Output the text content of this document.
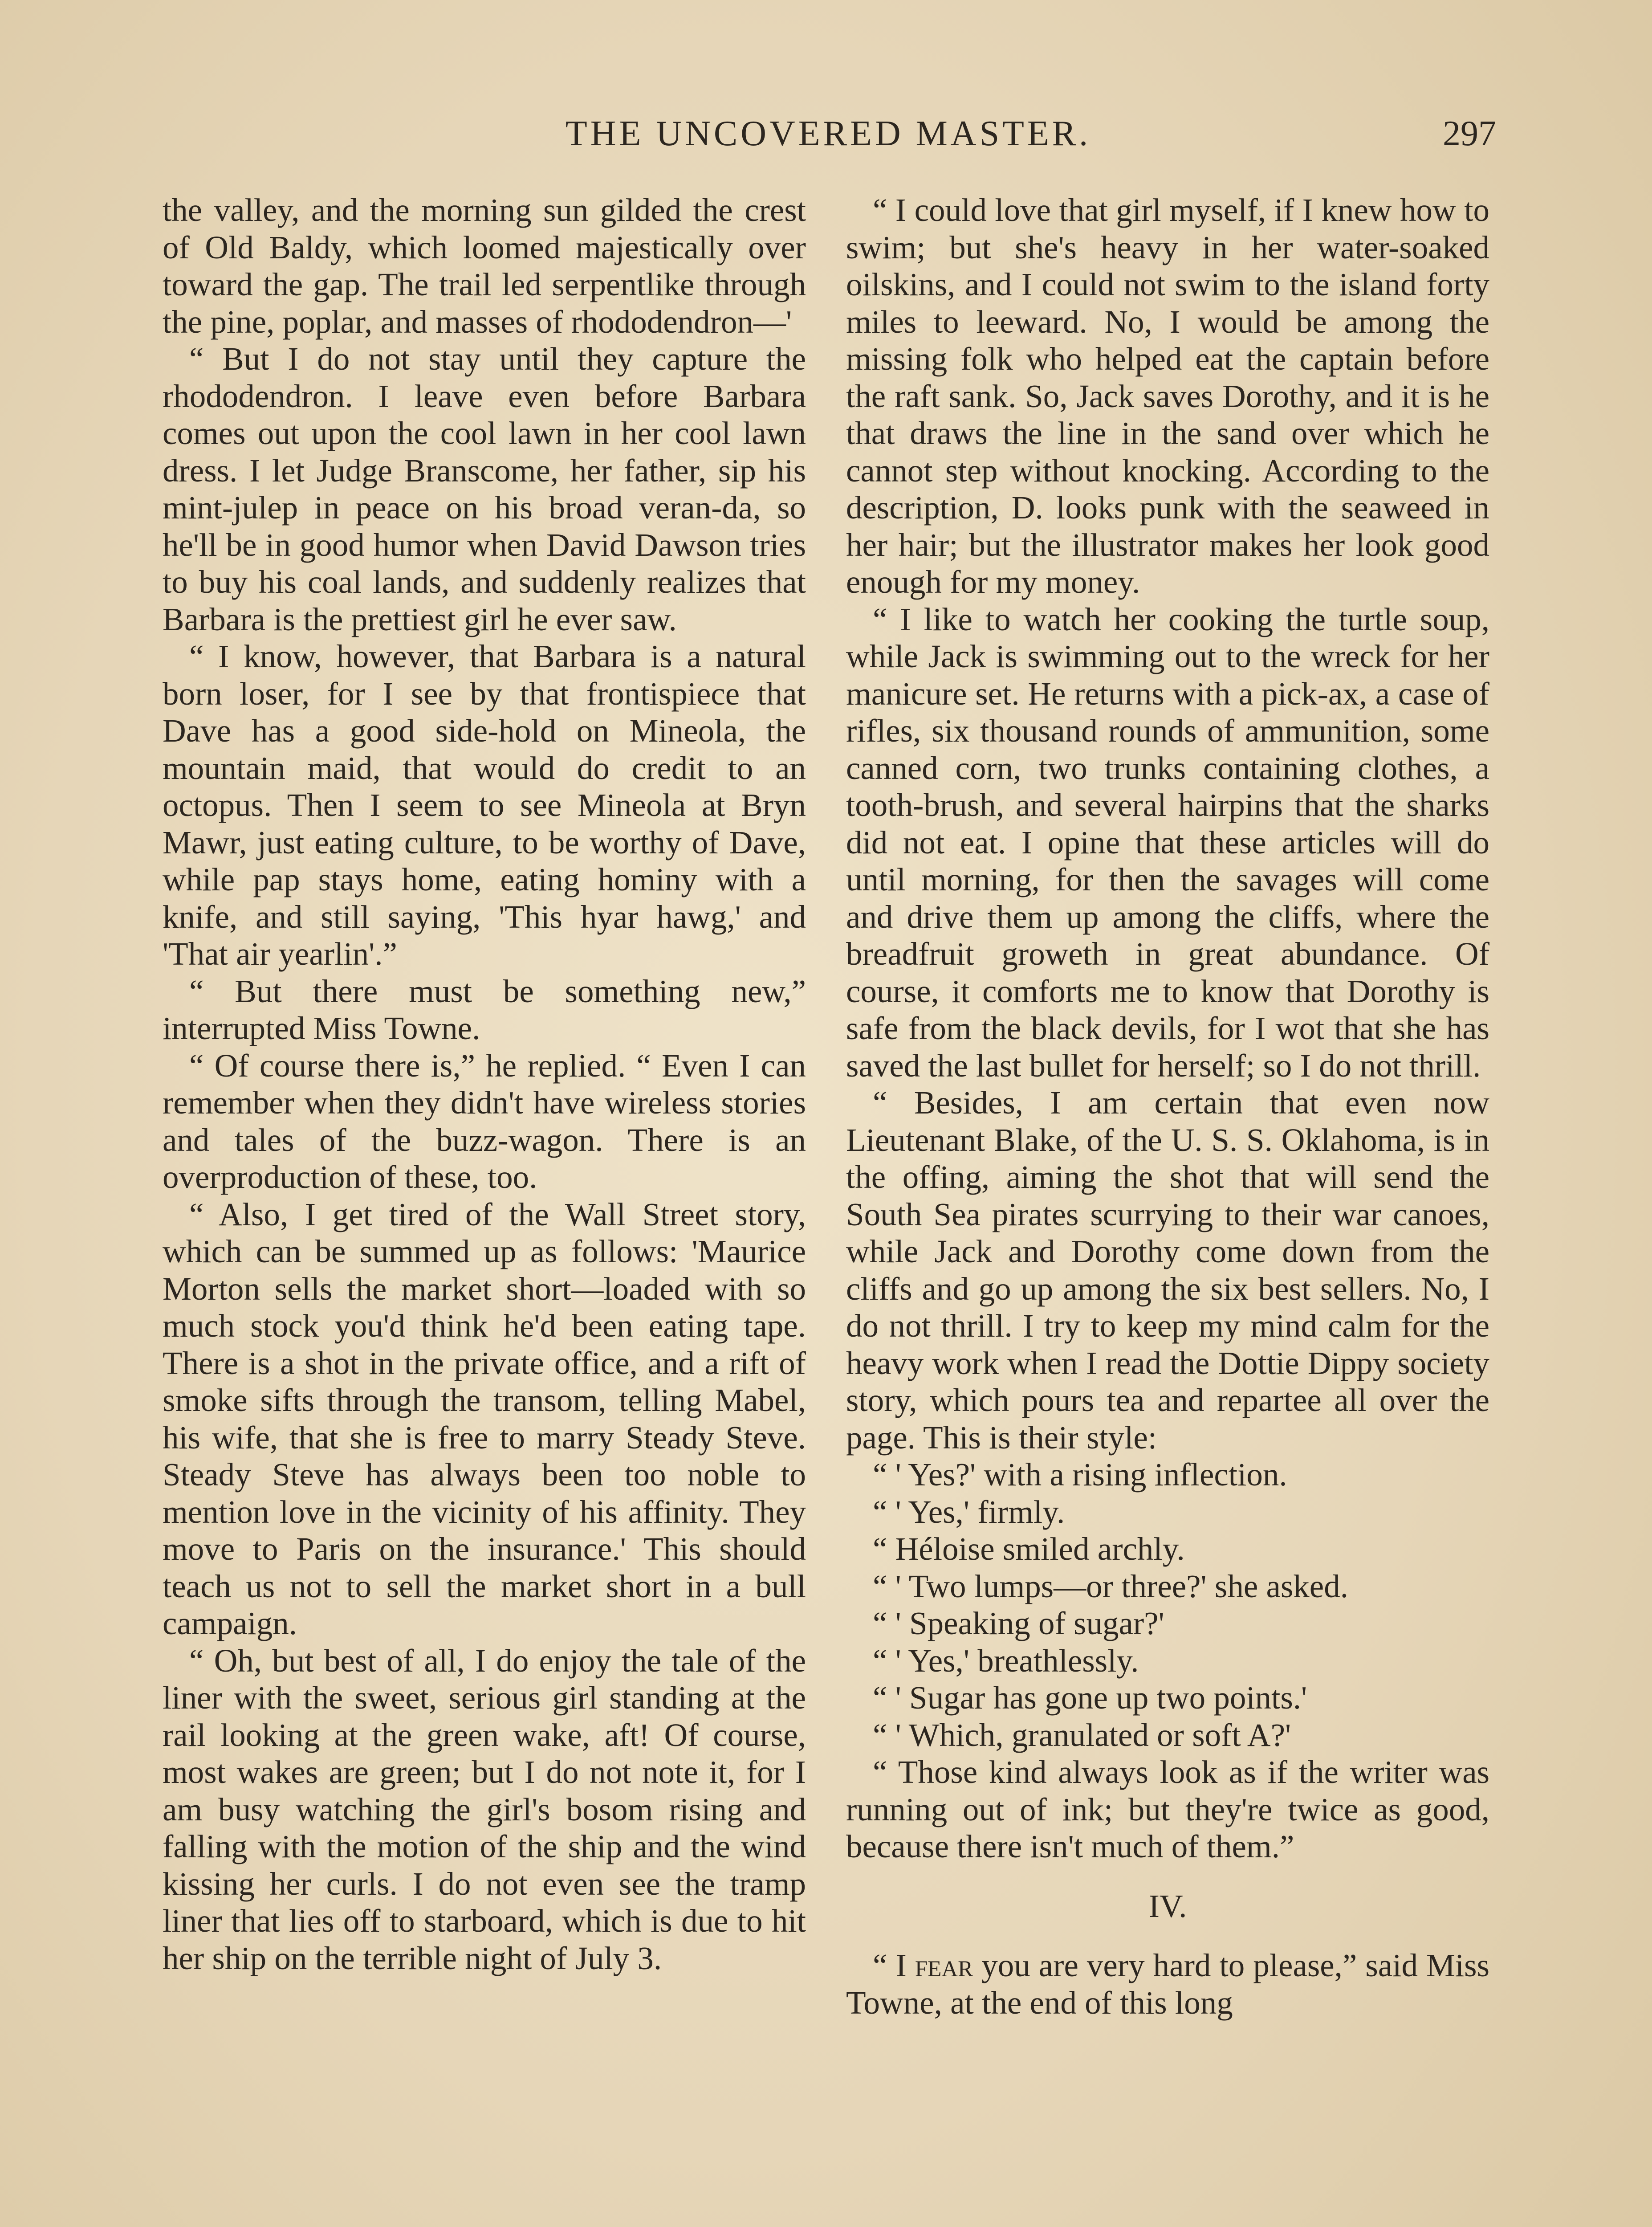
THE UNCOVERED MASTER.	297

the valley, and the morning sun gilded the crest of Old Baldy, which loomed majestically over toward the gap. The trail led serpentlike through the pine, poplar, and masses of rhododendron—'

“ But I do not stay until they capture the rhododendron. I leave even before Barbara comes out upon the cool lawn in her cool lawn dress. I let Judge Branscome, her father, sip his mint-julep in peace on his broad veran-da, so he'll be in good humor when David Dawson tries to buy his coal lands, and suddenly realizes that Barbara is the prettiest girl he ever saw.

“ I know, however, that Barbara is a natural born loser, for I see by that frontispiece that Dave has a good side-hold on Mineola, the mountain maid, that would do credit to an octopus. Then I seem to see Mineola at Bryn Mawr, just eating culture, to be worthy of Dave, while pap stays home, eating hominy with a knife, and still saying, 'This hyar hawg,' and 'That air yearlin'.”

“ But there must be something new,” interrupted Miss Towne.

“ Of course there is,” he replied. “ Even I can remember when they didn't have wireless stories and tales of the buzz-wagon. There is an overproduction of these, too.

“ Also, I get tired of the Wall Street story, which can be summed up as follows: 'Maurice Morton sells the market short—loaded with so much stock you'd think he'd been eating tape. There is a shot in the private office, and a rift of smoke sifts through the transom, telling Mabel, his wife, that she is free to marry Steady Steve. Steady Steve has always been too noble to mention love in the vicinity of his affinity. They move to Paris on the insurance.' This should teach us not to sell the market short in a bull campaign.

“ Oh, but best of all, I do enjoy the tale of the liner with the sweet, serious girl standing at the rail looking at the green wake, aft! Of course, most wakes are green; but I do not note it, for I am busy watching the girl's bosom rising and falling with the motion of the ship and the wind kissing her curls. I do not even see the tramp liner that lies off to starboard, which is due to hit her ship on the terrible night of July 3.

“ I could love that girl myself, if I knew how to swim; but she's heavy in her water-soaked oilskins, and I could not swim to the island forty miles to leeward. No, I would be among the missing folk who helped eat the captain before the raft sank. So, Jack saves Dorothy, and it is he that draws the line in the sand over which he cannot step without knocking. According to the description, D. looks punk with the seaweed in her hair; but the illustrator makes her look good enough for my money.

“ I like to watch her cooking the turtle soup, while Jack is swimming out to the wreck for her manicure set. He returns with a pick-ax, a case of rifles, six thousand rounds of ammunition, some canned corn, two trunks containing clothes, a tooth-brush, and several hairpins that the sharks did not eat. I opine that these articles will do until morning, for then the savages will come and drive them up among the cliffs, where the breadfruit groweth in great abundance. Of course, it comforts me to know that Dorothy is safe from the black devils, for I wot that she has saved the last bullet for herself; so I do not thrill.

“ Besides, I am certain that even now Lieutenant Blake, of the U. S. S. Oklahoma, is in the offing, aiming the shot that will send the South Sea pirates scurrying to their war canoes, while Jack and Dorothy come down from the cliffs and go up among the six best sellers. No, I do not thrill. I try to keep my mind calm for the heavy work when I read the Dottie Dippy society story, which pours tea and repartee all over the page. This is their style:

“ ' Yes?' with a rising inflection.

“ ' Yes,' firmly.

“ Héloise smiled archly.

“ ' Two lumps—or three?' she asked.

“ ' Speaking of sugar?'

“ ' Yes,' breathlessly.

“ ' Sugar has gone up two points.'

“ ' Which, granulated or soft A?'

“ Those kind always look as if the writer was running out of ink; but they're twice as good, because there isn't much of them.”

IV.

“ I fear you are very hard to please,” said Miss Towne, at the end of this long
